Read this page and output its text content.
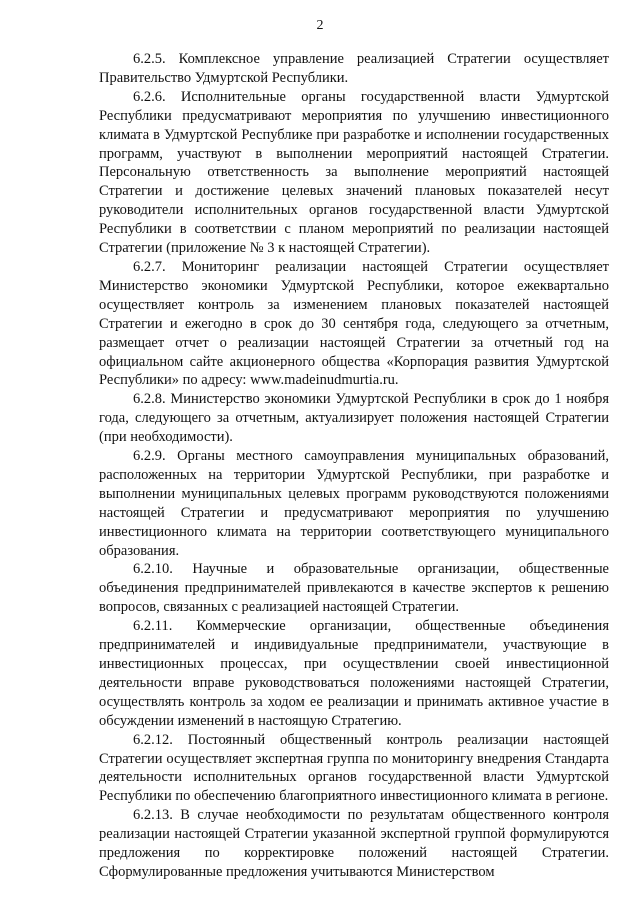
2

6.2.5. Комплексное управление реализацией Стратегии осуществляет Правительство Удмуртской Республики.

6.2.6. Исполнительные органы государственной власти Удмуртской Республики предусматривают мероприятия по улучшению инвестиционного климата в Удмуртской Республике при разработке и исполнении государственных программ, участвуют в выполнении мероприятий настоящей Стратегии. Персональную ответственность за выполнение мероприятий настоящей Стратегии и достижение целевых значений плановых показателей несут руководители исполнительных органов государственной власти Удмуртской Республики в соответствии с планом мероприятий по реализации настоящей Стратегии (приложение № 3 к настоящей Стратегии).

6.2.7. Мониторинг реализации настоящей Стратегии осуществляет Министерство экономики Удмуртской Республики, которое ежеквартально осуществляет контроль за изменением плановых показателей настоящей Стратегии и ежегодно в срок до 30 сентября года, следующего за отчетным, размещает отчет о реализации настоящей Стратегии за отчетный год на официальном сайте акционерного общества «Корпорация развития Удмуртской Республики» по адресу: www.madeinudmurtia.ru.

6.2.8. Министерство экономики Удмуртской Республики в срок до 1 ноября года, следующего за отчетным, актуализирует положения настоящей Стратегии (при необходимости).

6.2.9. Органы местного самоуправления муниципальных образований, расположенных на территории Удмуртской Республики, при разработке и выполнении муниципальных целевых программ руководствуются положениями настоящей Стратегии и предусматривают мероприятия по улучшению инвестиционного климата на территории соответствующего муниципального образования.

6.2.10. Научные и образовательные организации, общественные объединения предпринимателей привлекаются в качестве экспертов к решению вопросов, связанных с реализацией настоящей Стратегии.

6.2.11. Коммерческие организации, общественные объединения предпринимателей и индивидуальные предприниматели, участвующие в инвестиционных процессах, при осуществлении своей инвестиционной деятельности вправе руководствоваться положениями настоящей Стратегии, осуществлять контроль за ходом ее реализации и принимать активное участие в обсуждении изменений в настоящую Стратегию.

6.2.12. Постоянный общественный контроль реализации настоящей Стратегии осуществляет экспертная группа по мониторингу внедрения Стандарта деятельности исполнительных органов государственной власти Удмуртской Республики по обеспечению благоприятного инвестиционного климата в регионе.

6.2.13. В случае необходимости по результатам общественного контроля реализации настоящей Стратегии указанной экспертной группой формулируются предложения по корректировке положений настоящей Стратегии. Сформулированные предложения учитываются Министерством
